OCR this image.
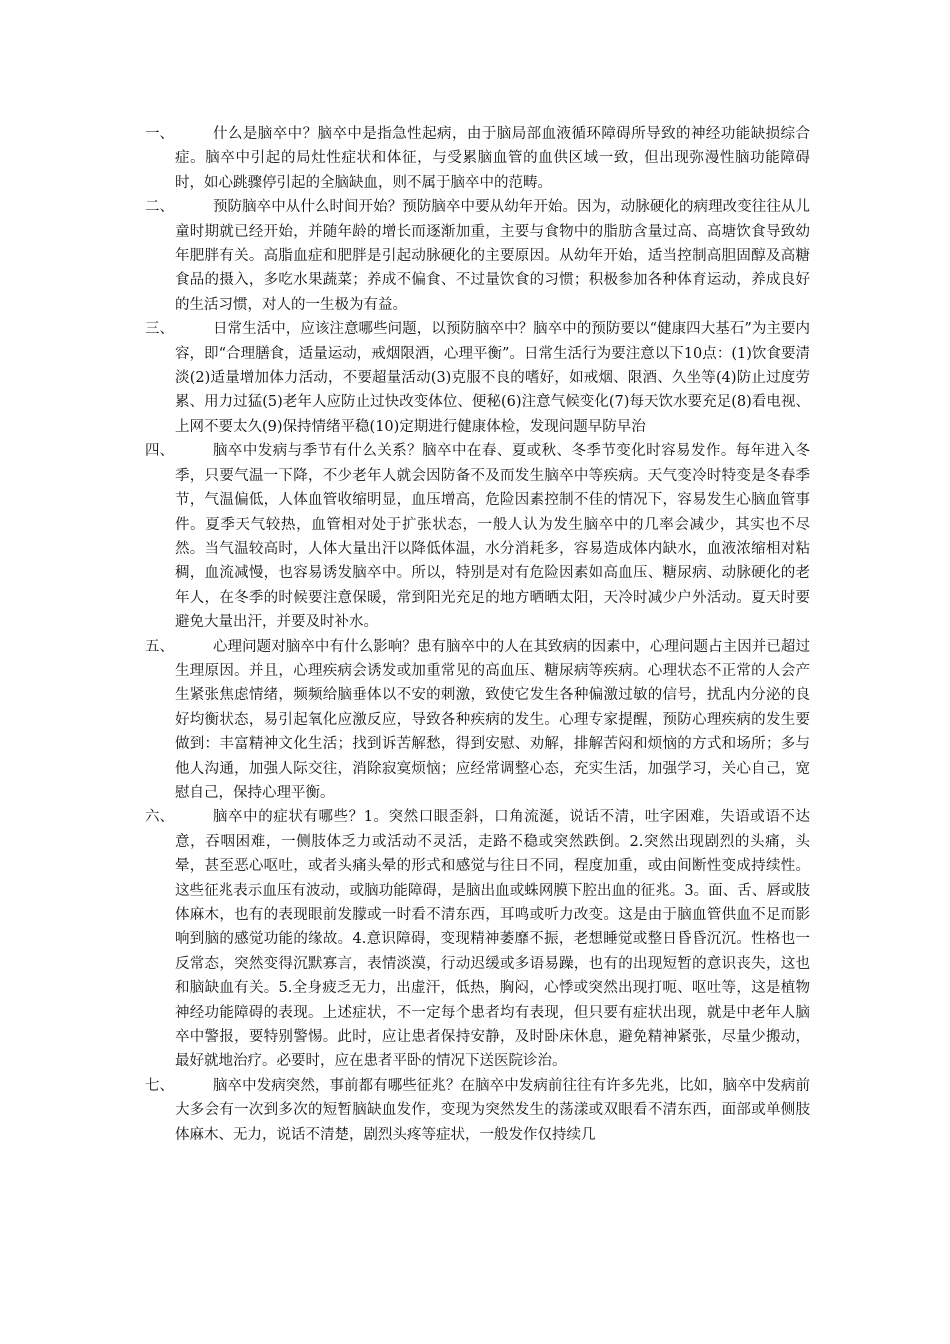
一、	什么是脑卒中？脑卒中是指急性起病，由于脑局部血液循环障碍所导致的神经功能缺损综合症。脑卒中引起的局灶性症状和体征，与受累脑血管的血供区域一致，但出现弥漫性脑功能障碍时，如心跳骤停引起的全脑缺血，则不属于脑卒中的范畴。
二、	预防脑卒中从什么时间开始？预防脑卒中要从幼年开始。因为，动脉硬化的病理改变往往从儿童时期就已经开始，并随年龄的增长而逐渐加重，主要与食物中的脂肪含量过高、高塘饮食导致幼年肥胖有关。高脂血症和肥胖是引起动脉硬化的主要原因。从幼年开始，适当控制高胆固醇及高糖食品的摄入，多吃水果蔬菜；养成不偏食、不过量饮食的习惯；积极参加各种体育运动，养成良好的生活习惯，对人的一生极为有益。
三、	日常生活中，应该注意哪些问题，以预防脑卒中？脑卒中的预防要以“健康四大基石”为主要内容，即“合理膳食，适量运动，戒烟限酒，心理平衡”。日常生活行为要注意以下10点：(1)饮食要清淡(2)适量增加体力活动，不要超量活动(3)克服不良的嗜好，如戒烟、限酒、久坐等(4)防止过度劳累、用力过猛(5)老年人应防止过快改变体位、便秘(6)注意气候变化(7)每天饮水要充足(8)看电视、上网不要太久(9)保持情绪平稳(10)定期进行健康体检，发现问题早防早治
四、	脑卒中发病与季节有什么关系？脑卒中在春、夏或秋、冬季节变化时容易发作。每年进入冬季，只要气温一下降，不少老年人就会因防备不及而发生脑卒中等疾病。天气变冷时特变是冬春季节，气温偏低，人体血管收缩明显，血压增高，危险因素控制不佳的情况下，容易发生心脑血管事件。夏季天气较热，血管相对处于扩张状态，一般人认为发生脑卒中的几率会减少，其实也不尽然。当气温较高时，人体大量出汗以降低体温，水分消耗多，容易造成体内缺水，血液浓缩相对粘稠，血流减慢，也容易诱发脑卒中。所以，特别是对有危险因素如高血压、糖尿病、动脉硬化的老年人，在冬季的时候要注意保暖，常到阳光充足的地方晒晒太阳，天冷时减少户外活动。夏天时要避免大量出汗，并要及时补水。
五、	心理问题对脑卒中有什么影响？患有脑卒中的人在其致病的因素中，心理问题占主因并已超过生理原因。并且，心理疾病会诱发或加重常见的高血压、糖尿病等疾病。心理状态不正常的人会产生紧张焦虑情绪，频频给脑垂体以不安的刺激，致使它发生各种偏激过敏的信号，扰乱内分泌的良好均衡状态，易引起氧化应激反应，导致各种疾病的发生。心理专家提醒，预防心理疾病的发生要做到：丰富精神文化生活；找到诉苦解愁，得到安慰、劝解，排解苦闷和烦恼的方式和场所；多与他人沟通，加强人际交往，消除寂寞烦恼；应经常调整心态，充实生活，加强学习，关心自己，宽慰自己，保持心理平衡。
六、	脑卒中的症状有哪些？1。突然口眼歪斜，口角流涎，说话不清，吐字困难，失语或语不达意，吞咽困难，一侧肢体乏力或活动不灵活，走路不稳或突然跌倒。2.突然出现剧烈的头痛，头晕，甚至恶心呕吐，或者头痛头晕的形式和感觉与往日不同，程度加重，或由间断性变成持续性。这些征兆表示血压有波动，或脑功能障碍，是脑出血或蛛网膜下腔出血的征兆。3。面、舌、唇或肢体麻木，也有的表现眼前发朦或一时看不清东西，耳鸣或听力改变。这是由于脑血管供血不足而影响到脑的感觉功能的缘故。4.意识障碍，变现精神萎靡不振，老想睡觉或整日昏昏沉沉。性格也一反常态，突然变得沉默寡言，表情淡漠，行动迟缓或多语易躁，也有的出现短暂的意识丧失，这也和脑缺血有关。5.全身疲乏无力，出虚汗，低热，胸闷，心悸或突然出现打呃、呕吐等，这是植物神经功能障碍的表现。上述症状，不一定每个患者均有表现，但只要有症状出现，就是中老年人脑卒中警报，要特别警惕。此时，应让患者保持安静，及时卧床休息，避免精神紧张，尽量少搬动，最好就地治疗。必要时，应在患者平卧的情况下送医院诊治。
七、	脑卒中发病突然，事前都有哪些征兆？在脑卒中发病前往往有许多先兆，比如，脑卒中发病前大多会有一次到多次的短暂脑缺血发作，变现为突然发生的荡漾或双眼看不清东西，面部或单侧肢体麻木、无力，说话不清楚，剧烈头疼等症状，一般发作仅持续几
